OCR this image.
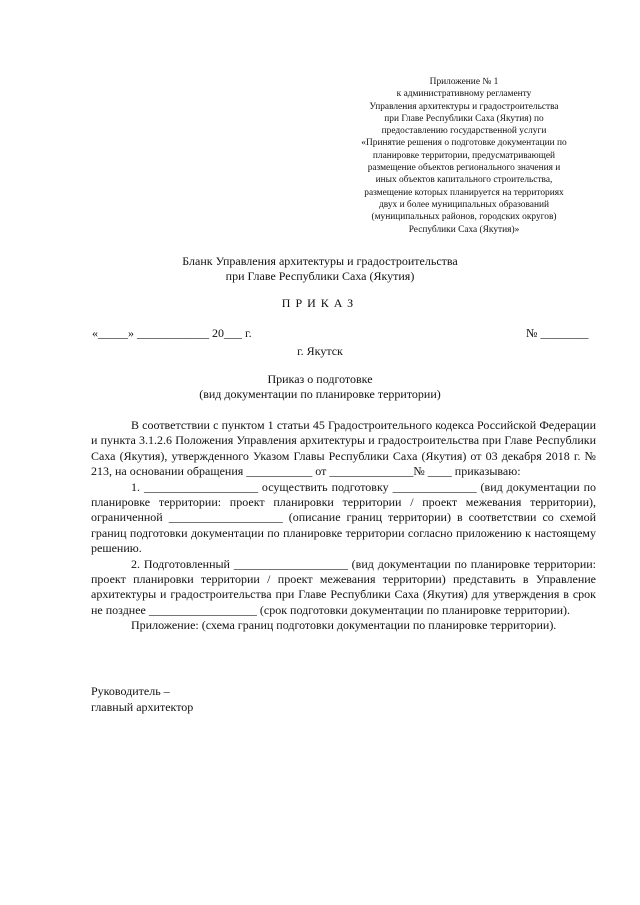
Приложение № 1
к административному регламенту
Управления архитектуры и градостроительства
при Главе Республики Саха (Якутия) по
предоставлению государственной услуги
«Принятие решения о подготовке документации по
планировке территории, предусматривающей
размещение объектов регионального значения и
иных объектов капитального строительства,
размещение которых планируется на территориях
двух и более муниципальных образований
(муниципальных районов, городских округов)
Республики Саха (Якутия)»
Бланк Управления архитектуры и градостроительства
при Главе Республики Саха (Якутия)
ПРИКАЗ
«_____» ____________ 20___ г.	№ ________
г. Якутск
Приказ о подготовке
(вид документации по планировке территории)

В соответствии с пунктом 1 статьи 45 Градостроительного кодекса Российской Федерации и пункта 3.1.2.6 Положения Управления архитектуры и градостроительства при Главе Республики Саха (Якутия), утвержденного Указом Главы Республики Саха (Якутия) от 03 декабря 2018 г. № 213, на основании обращения ___________ от ______________№ ____ приказываю:

1. ___________________ осуществить подготовку ______________ (вид документации по планировке территории: проект планировки территории / проект межевания территории), ограниченной ___________________ (описание границ территории) в соответствии со схемой границ подготовки документации по планировке территории согласно приложению к настоящему решению.

2. Подготовленный ___________________ (вид документации по планировке территории: проект планировки территории / проект межевания территории) представить в Управление архитектуры и градостроительства при Главе Республики Саха (Якутия) для утверждения в срок не позднее __________________ (срок подготовки документации по планировке территории).

Приложение: (схема границ подготовки документации по планировке территории).

Руководитель –
главный архитектор
